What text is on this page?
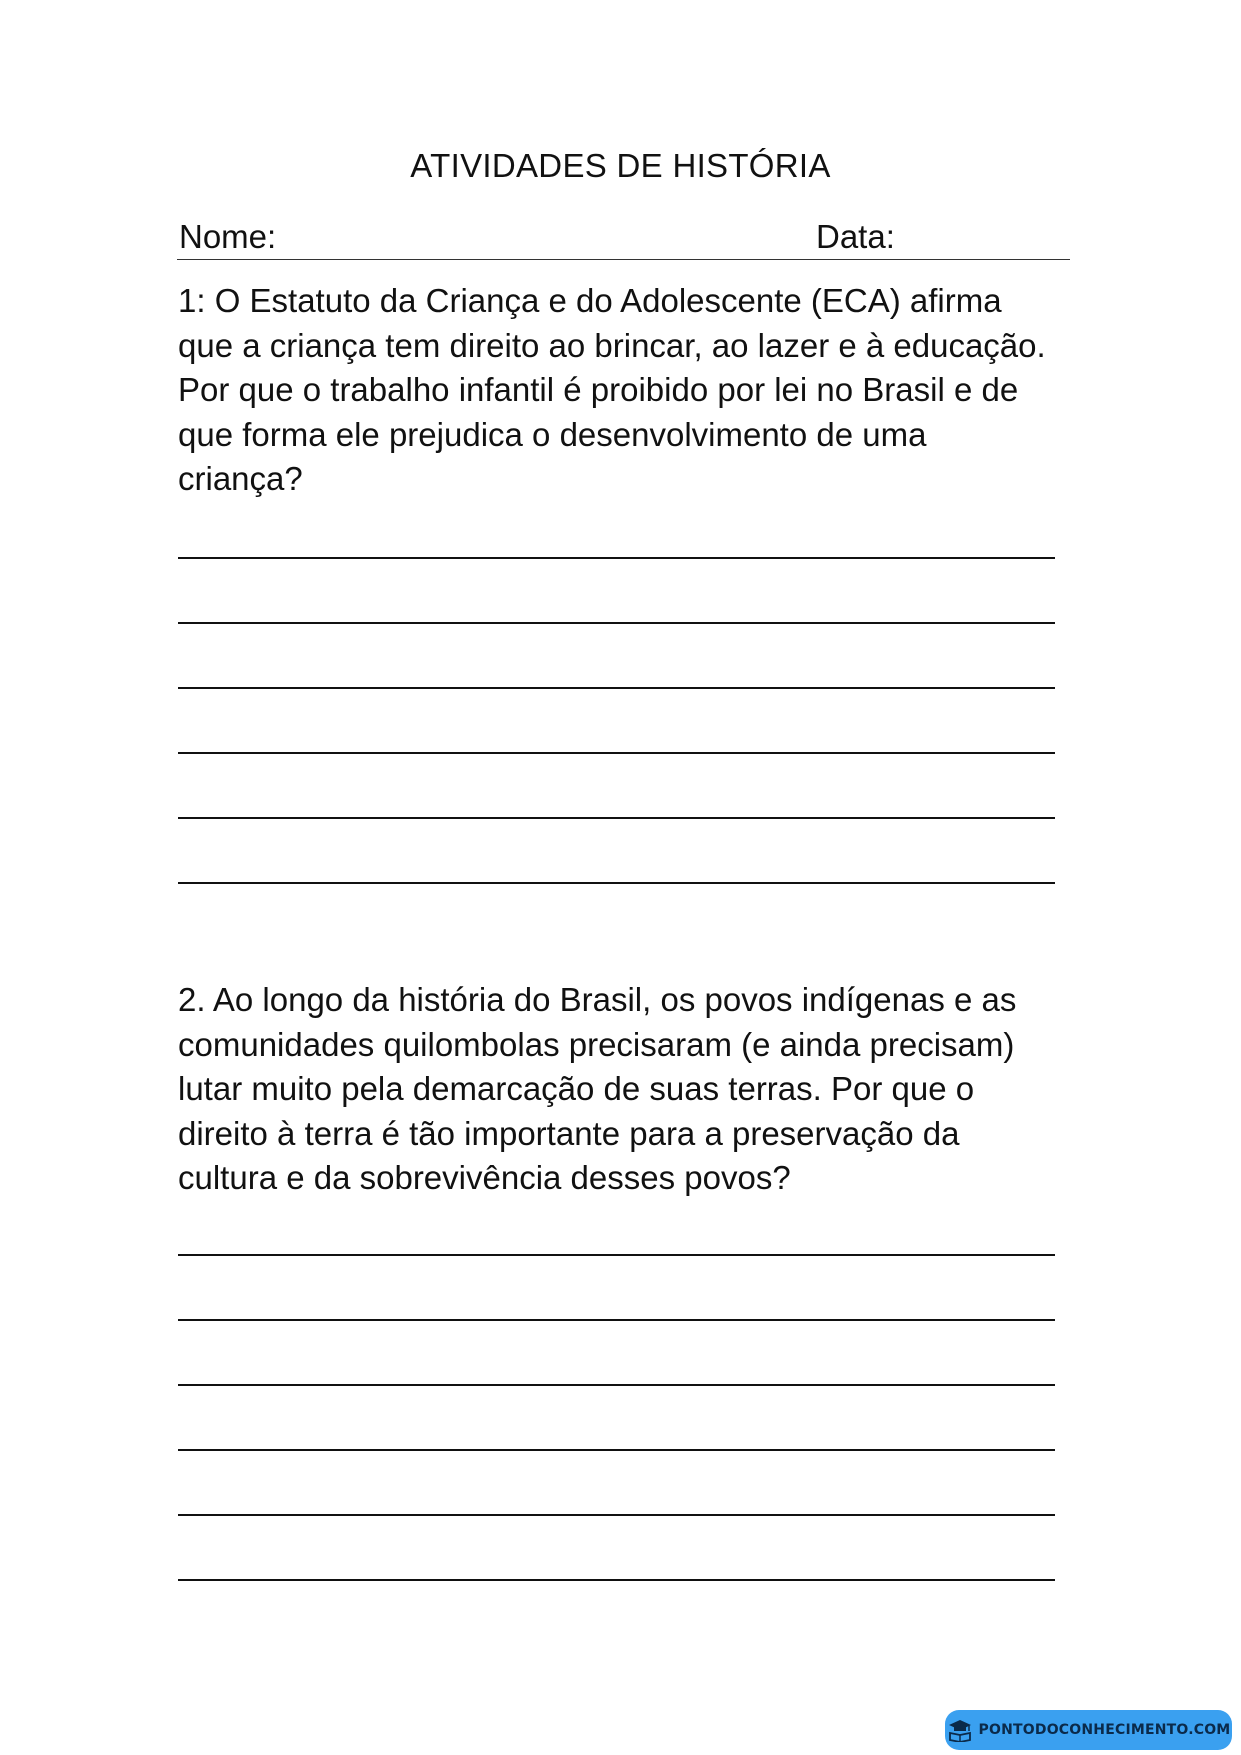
ATIVIDADES DE HISTÓRIA
Nome:	Data:
1: O Estatuto da Criança e do Adolescente (ECA) afirma
que a criança tem direito ao brincar, ao lazer e à educação.
Por que o trabalho infantil é proibido por lei no Brasil e de
que forma ele prejudica o desenvolvimento de uma
criança?
2. Ao longo da história do Brasil, os povos indígenas e as
comunidades quilombolas precisaram (e ainda precisam)
lutar muito pela demarcação de suas terras. Por que o
direito à terra é tão importante para a preservação da
cultura e da sobrevivência desses povos?
PONTODOCONHECIMENTO.COM
